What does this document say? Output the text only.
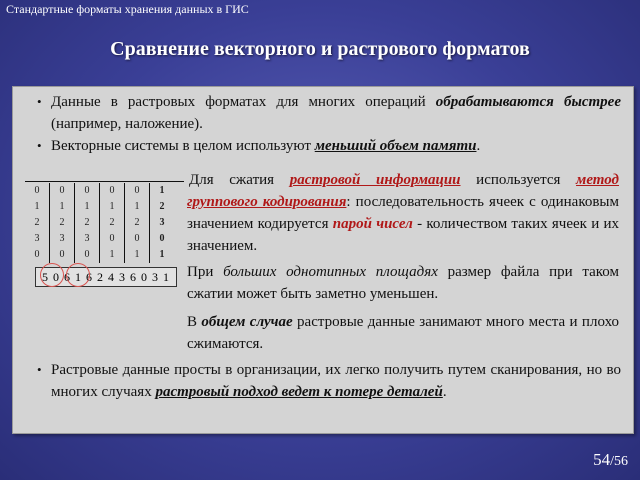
Стандартные форматы хранения данных в ГИС
Сравнение векторного и растрового форматов
• Данные в растровых форматах для многих операций обрабатываются быстрее (например, наложение).
• Векторные системы в целом используют меньший объем памяти.
0	0	0	0	0	1
1	1	1	1	1	2
2	2	2	2	2	3
3	3	3	0	0	0
0	0	0	1	1	1
5 0 6 1 6 2 4 3 6 0 3 1
Для сжатия растровой информации используется метод группового кодирования: последовательность ячеек с одинаковым значением кодируется парой чисел - количеством таких ячеек и их значением.
При больших однотипных площадях размер файла при таком сжатии может быть заметно уменьшен.
В общем случае растровые данные занимают много места и плохо сжимаются.
• Растровые данные просты в организации, их легко получить путем сканирования, но во многих случаях растровый подход ведет к потере деталей.
54/56
